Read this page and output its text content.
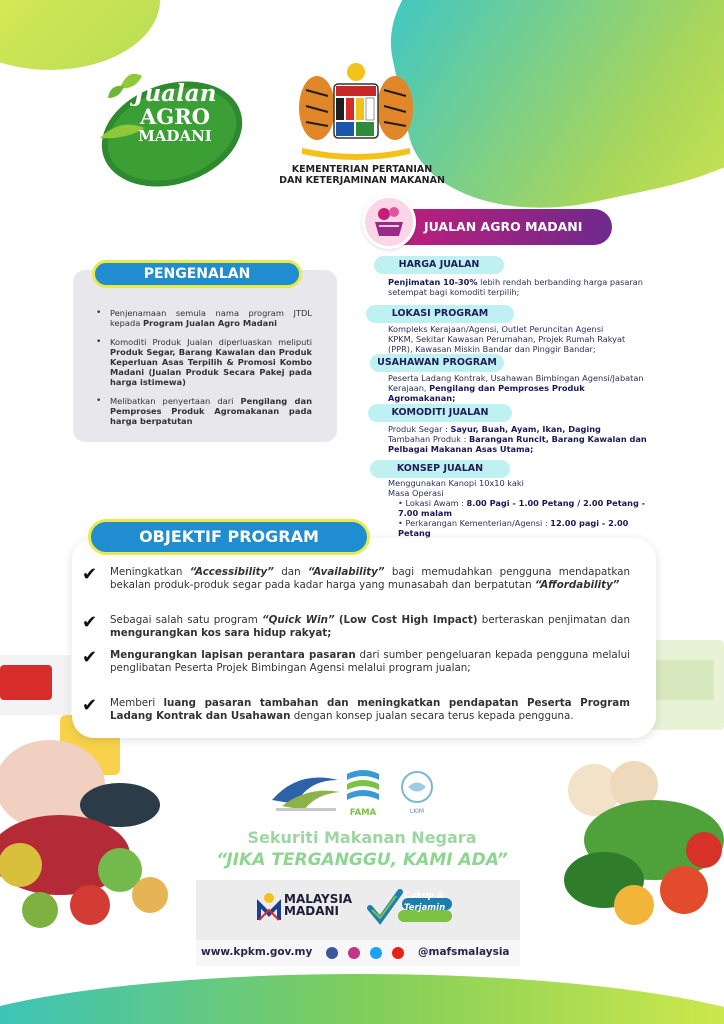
Jualan
AGRO
MADANI
KEMENTERIAN PERTANIAN
DAN KETERJAMINAN MAKANAN
JUALAN AGRO MADANI
HARGA JUALAN
Penjimatan 10-30% lebih rendah berbanding harga pasaran setempat bagi komoditi terpilih;
LOKASI PROGRAM
Kompleks Kerajaan/Agensi, Outlet Peruncitan Agensi KPKM, Sekitar Kawasan Perumahan, Projek Rumah Rakyat (PPR), Kawasan Miskin Bandar dan Pinggir Bandar;
USAHAWAN PROGRAM
Peserta Ladang Kontrak, Usahawan Bimbingan Agensi/Jabatan Kerajaan, Pengilang dan Pemproses Produk Agromakanan;
KOMODITI JUALAN
Produk Segar : Sayur, Buah, Ayam, Ikan, Daging
Tambahan Produk : Barangan Runcit, Barang Kawalan dan Pelbagai Makanan Asas Utama;
KONSEP JUALAN
Menggunakan Kanopi 10x10 kaki
Masa Operasi
• Lokasi Awam : 8.00 Pagi - 1.00 Petang / 2.00 Petang - 7.00 malam
• Perkarangan Kementerian/Agensi : 12.00 pagi - 2.00 Petang
PENGENALAN
• Penjenamaan semula nama program JTDL kepada Program Jualan Agro Madani
• Komoditi Produk Jualan diperluaskan meliputi Produk Segar, Barang Kawalan dan Produk Keperluan Asas Terpilih & Promosi Kombo Madani (Jualan Produk Secara Pakej pada harga istimewa)
• Melibatkan penyertaan dari Pengilang dan Pemproses Produk Agromakanan pada harga berpatutan
OBJEKTIF PROGRAM
✔	Meningkatkan “Accessibility” dan “Availability” bagi memudahkan pengguna mendapatkan bekalan produk-produk segar pada kadar harga yang munasabah dan berpatutan “Affordability”
✔	Sebagai salah satu program “Quick Win” (Low Cost High Impact) berteraskan penjimatan dan mengurangkan kos sara hidup rakyat;
✔	Mengurangkan lapisan perantara pasaran dari sumber pengeluaran kepada pengguna melalui penglibatan Peserta Projek Bimbingan Agensi melalui program jualan;
✔	Memberi luang pasaran tambahan dan meningkatkan pendapatan Peserta Program Ladang Kontrak dan Usahawan dengan konsep jualan secara terus kepada pengguna.
FAMA	LKIM
Sekuriti Makanan Negara
“JIKA TERGANGGU, KAMI ADA”
MALAYSIA
MADANI
Cukup &
Terjamin
www.kpkm.gov.my	@mafsmalaysia
